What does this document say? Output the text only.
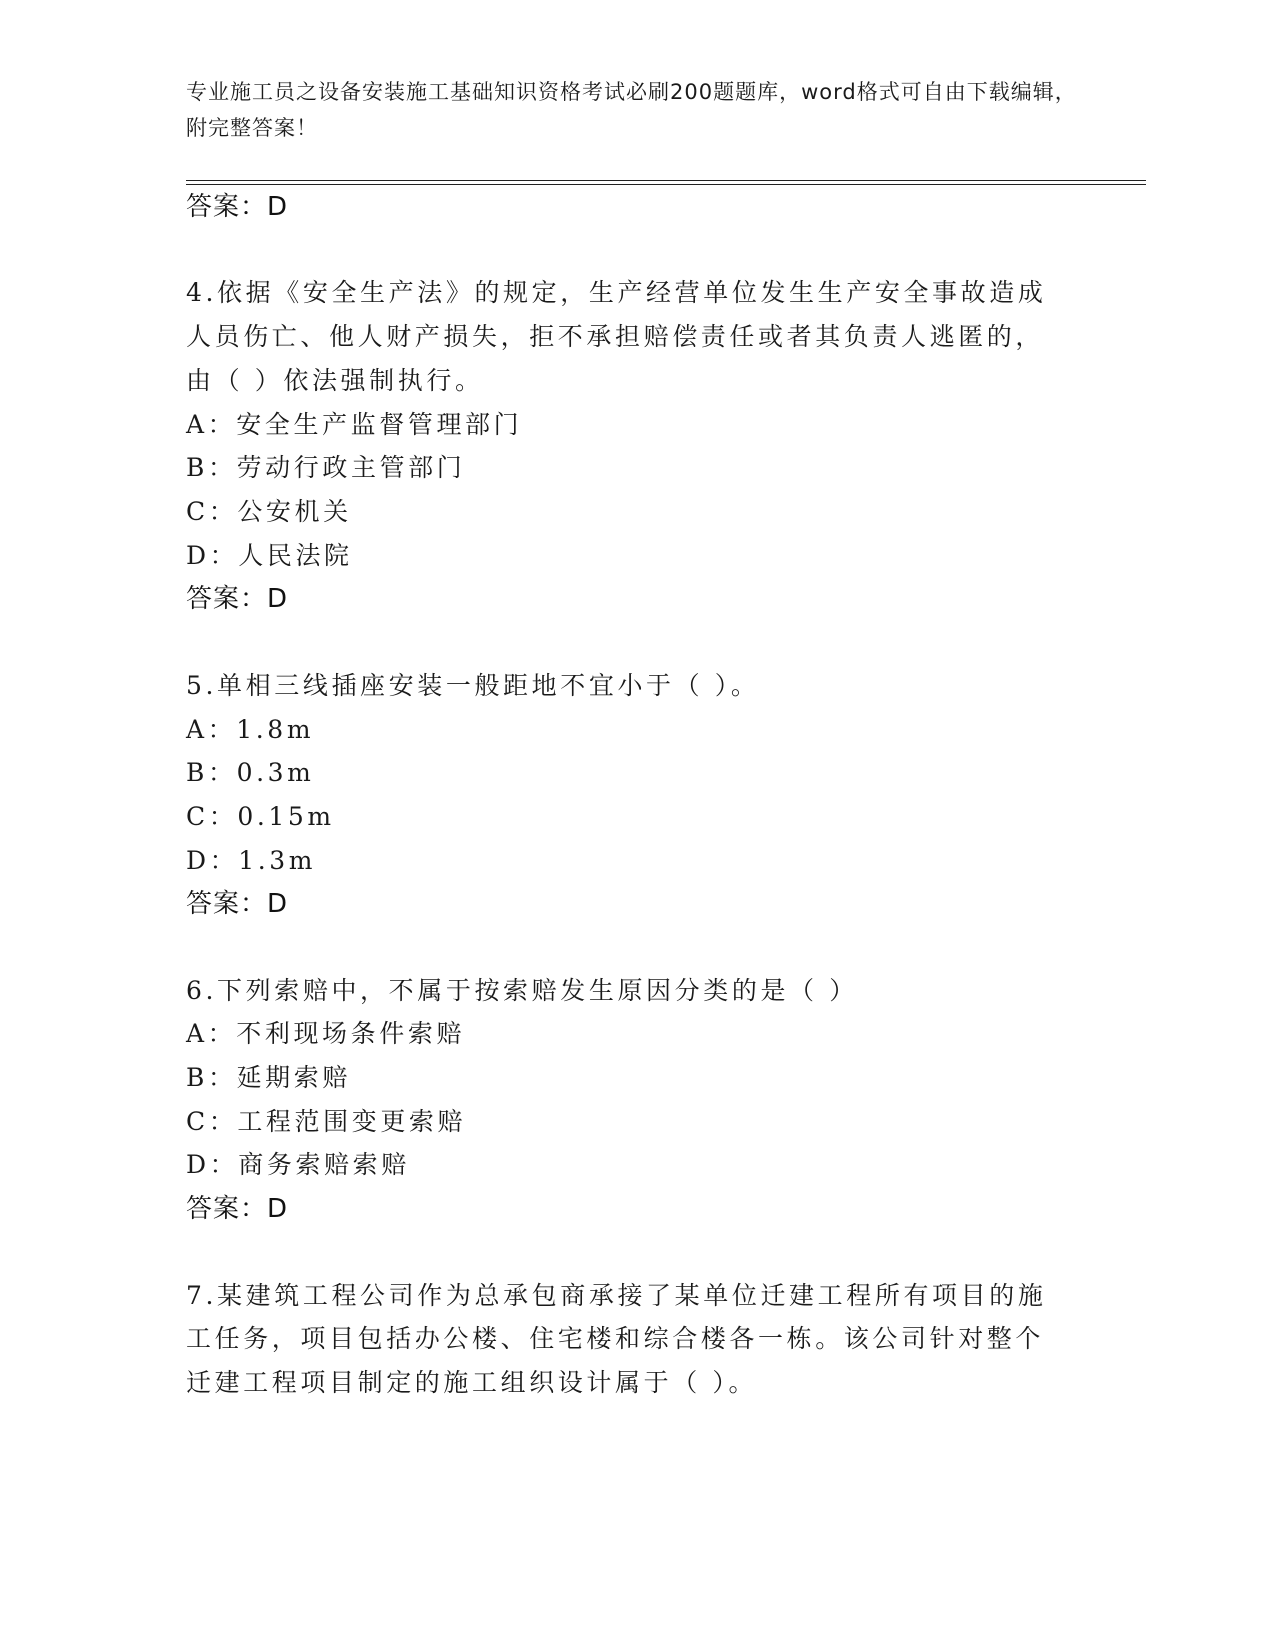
专业施工员之设备安装施工基础知识资格考试必刷200题题库，word格式可自由下载编辑，附完整答案！
答案：D
4.依据《安全生产法》的规定，生产经营单位发生生产安全事故造成
人员伤亡、他人财产损失，拒不承担赔偿责任或者其负责人逃匿的，
由（ ）依法强制执行。
A：安全生产监督管理部门
B：劳动行政主管部门
C：公安机关
D：人民法院
答案：D
5.单相三线插座安装一般距地不宜小于（ ）。
A：1.8m
B：0.3m
C：0.15m
D：1.3m
答案：D
6.下列索赔中，不属于按索赔发生原因分类的是（ ）
A：不利现场条件索赔
B：延期索赔
C：工程范围变更索赔
D：商务索赔索赔
答案：D
7.某建筑工程公司作为总承包商承接了某单位迁建工程所有项目的施
工任务，项目包括办公楼、住宅楼和综合楼各一栋。该公司针对整个
迁建工程项目制定的施工组织设计属于（ ）。
